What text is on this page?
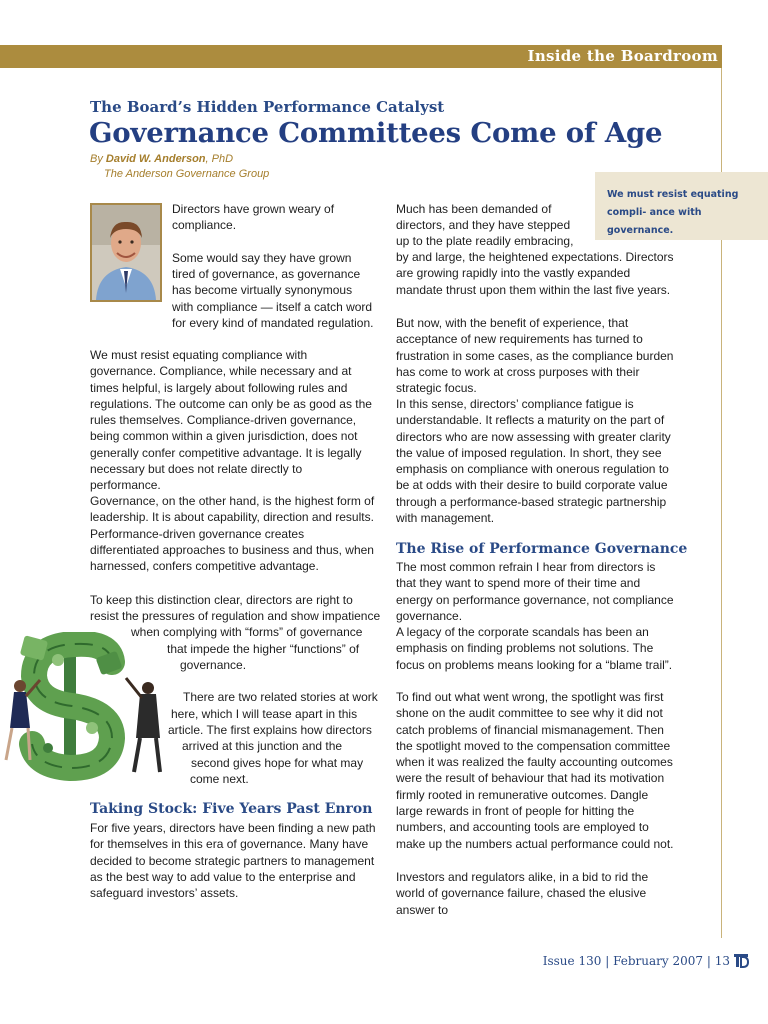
Inside the Boardroom
The Board’s Hidden Performance Catalyst
Governance Committees Come of Age
By David W. Anderson, PhD
The Anderson Governance Group
We must resist equating compli- ance with governance.
Directors have grown weary of
compliance.
Some would say they have grown
tired of governance, as governance
has become virtually synonymous
with compliance — itself a catch word
for every kind of mandated regulation.

We must resist equating compliance with governance. Compliance, while necessary and at times helpful, is largely about following rules and regulations. The outcome can only be as good as the rules themselves. Compliance-driven governance, being common within a given jurisdiction, does not generally confer competitive advantage. It is legally necessary but does not relate directly to performance.

Governance, on the other hand, is the highest form of leadership. It is about capability, direction and results. Performance-driven governance creates differentiated approaches to business and thus, when harnessed, confers competitive advantage.

To keep this distinction clear, directors are right to
resist the pressures of regulation and show impatience
when complying with “forms” of governance
that impede the higher “functions” of
governance.
There are two related stories at work
here, which I will tease apart in this
article. The first explains how directors
arrived at this junction and the
second gives hope for what may
come next.
Taking Stock: Five Years Past Enron

For five years, directors have been finding a new path for themselves in this era of governance. Many have decided to become strategic partners to management as the best way to add value to the enterprise and safeguard investors’ assets.

Much has been demanded of
directors, and they have stepped
up to the plate readily embracing,

by and large, the heightened expectations. Directors are growing rapidly into the vastly expanded mandate thrust upon them within the last five years.

But now, with the benefit of experience, that acceptance of new requirements has turned to frustration in some cases, as the compliance burden has come to work at cross purposes with their strategic focus.

In this sense, directors’ compliance fatigue is understandable. It reflects a maturity on the part of directors who are now assessing with greater clarity the value of imposed regulation. In short, they see emphasis on compliance with onerous regulation to be at odds with their desire to build corporate value through a performance-based strategic partnership with management.

The Rise of Performance Governance

The most common refrain I hear from directors is that they want to spend more of their time and energy on performance governance, not compliance governance.

A legacy of the corporate scandals has been an emphasis on finding problems not solutions. The focus on problems means looking for a “blame trail”.

To find out what went wrong, the spotlight was first shone on the audit committee to see why it did not catch problems of financial mismanagement. Then the spotlight moved to the compensation committee when it was realized the faulty accounting outcomes were the result of behaviour that had its motivation firmly rooted in remunerative outcomes. Dangle large rewards in front of people for hitting the numbers, and accounting tools are employed to make up the numbers actual performance could not.

Investors and regulators alike, in a bid to rid the world of governance failure, chased the elusive answer to

Issue 130 | February 2007 | 13
